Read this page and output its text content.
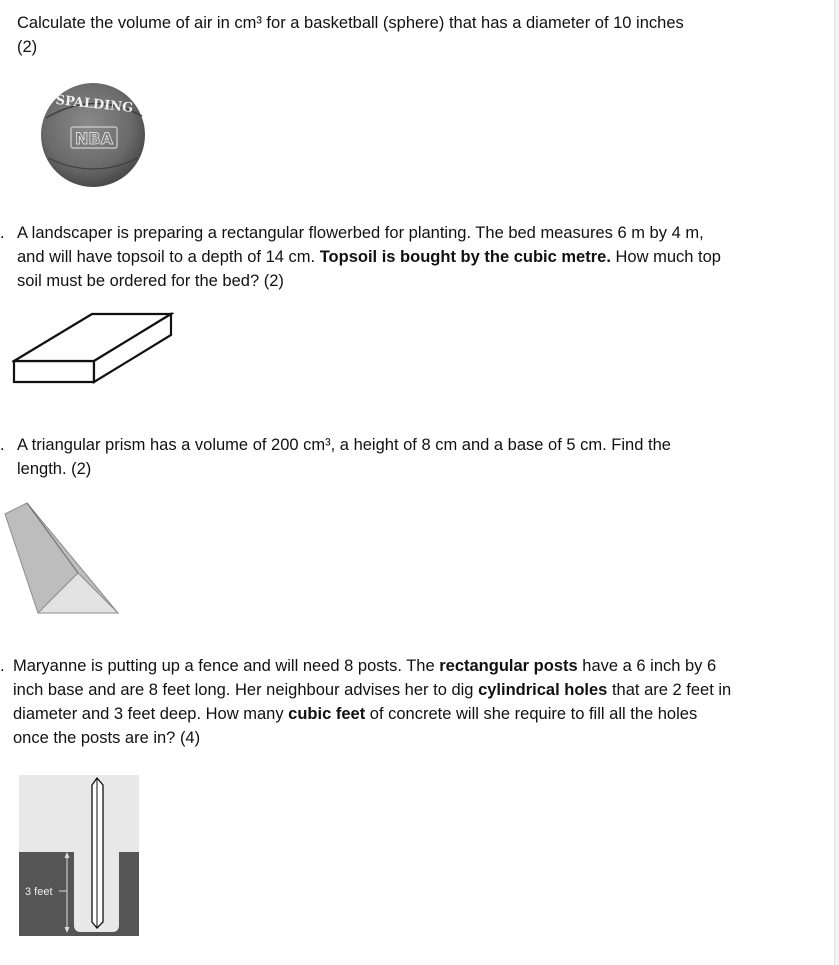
Calculate the volume of air in cm³ for a basketball (sphere) that has a diameter of 10 inches (2)

SPALDING
NBA
. A landscaper is preparing a rectangular flowerbed for planting. The bed measures 6 m by 4 m, and will have topsoil to a depth of 14 cm. Topsoil is bought by the cubic metre. How much top soil must be ordered for the bed? (2)

. A triangular prism has a volume of 200 cm³, a height of 8 cm and a base of 5 cm. Find the length. (2)

. Maryanne is putting up a fence and will need 8 posts. The rectangular posts have a 6 inch by 6 inch base and are 8 feet long. Her neighbour advises her to dig cylindrical holes that are 2 feet in diameter and 3 feet deep. How many cubic feet of concrete will she require to fill all the holes once the posts are in? (4)

3 feet
